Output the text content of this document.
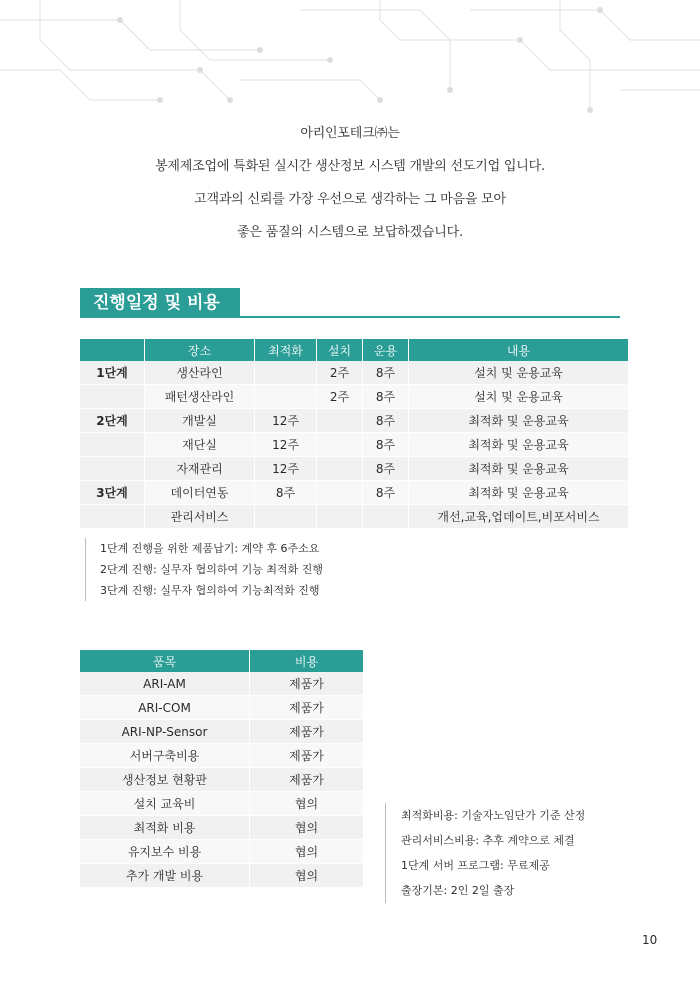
아리인포테크㈜는
봉제제조업에 특화된 실시간 생산정보 시스템 개발의 선도기업 입니다.
고객과의 신뢰를 가장 우선으로 생각하는 그 마음을 모아
좋은 품질의 시스템으로 보답하겠습니다.
진행일정 및 비용
	장소	최적화	설치	운용	내용
1단계	생산라인		2주	8주	설치 및 운용교육
	패턴생산라인		2주	8주	설치 및 운용교육
2단계	개발실	12주		8주	최적화 및 운용교육
	재단실	12주		8주	최적화 및 운용교육
	자재관리	12주		8주	최적화 및 운용교육
3단계	데이터연동	8주		8주	최적화 및 운용교육
	관리서비스				개선,교육,업데이트,비포서비스
1단계 진행을 위한 제품납기: 계약 후 6주소요
2단계 진행: 실무자 협의하여 기능 최적화 진행
3단계 진행: 실무자 협의하여 기능최적화 진행
품목	비용
ARI-AM	제품가
ARI-COM	제품가
ARI-NP-Sensor	제품가
서버구축비용	제품가
생산정보 현황판	제품가
설치 교육비	협의
최적화 비용	협의
유지보수 비용	협의
추가 개발 비용	협의
최적화비용: 기술자노임단가 기준 산정
관리서비스비용: 추후 계약으로 체결
1단계 서버 프로그램: 무료제공
출장기본: 2인 2일 출장
10
